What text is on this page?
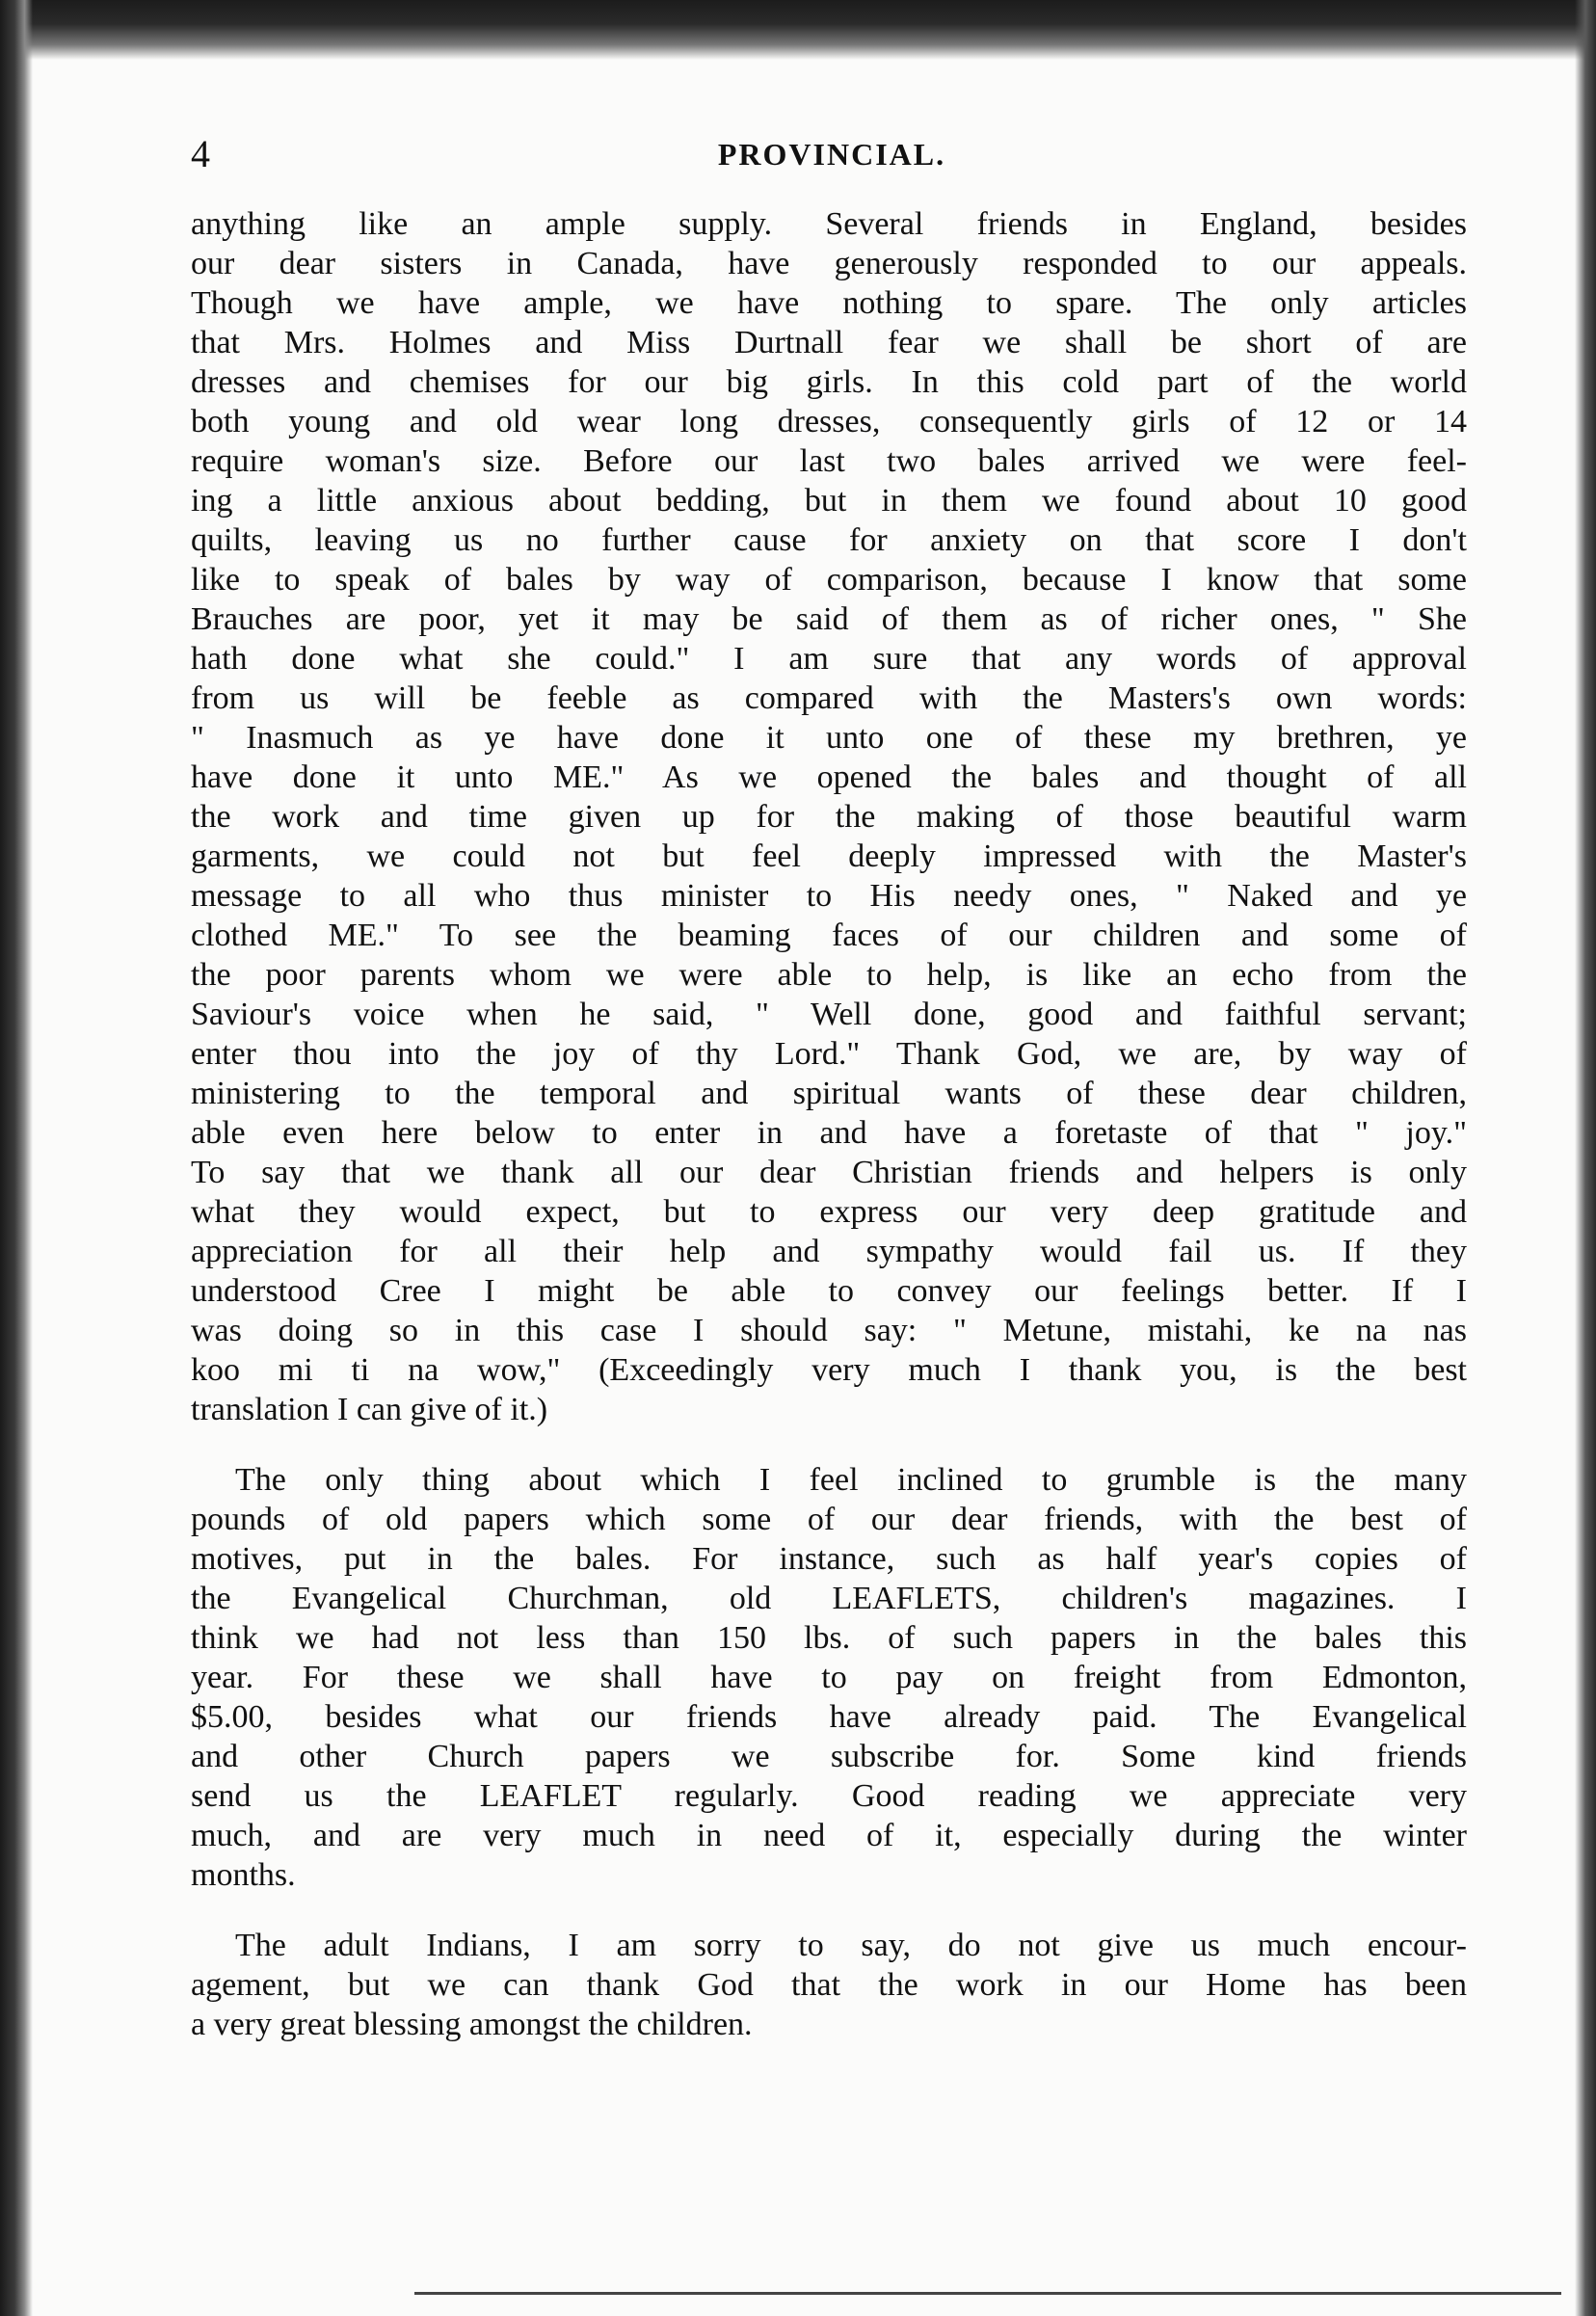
4	PROVINCIAL.
anything like an ample supply. Several friends in England, besides
our dear sisters in Canada, have generously responded to our appeals.
Though we have ample, we have nothing to spare. The only articles
that Mrs. Holmes and Miss Durtnall fear we shall be short of are
dresses and chemises for our big girls. In this cold part of the world
both young and old wear long dresses, consequently girls of 12 or 14
require woman's size. Before our last two bales arrived we were feel-
ing a little anxious about bedding, but in them we found about 10 good
quilts, leaving us no further cause for anxiety on that score I don't
like to speak of bales by way of comparison, because I know that some
Brauches are poor, yet it may be said of them as of richer ones, " She
hath done what she could." I am sure that any words of approval
from us will be feeble as compared with the Masters's own words:
" Inasmuch as ye have done it unto one of these my brethren, ye
have done it unto ME." As we opened the bales and thought of all
the work and time given up for the making of those beautiful warm
garments, we could not but feel deeply impressed with the Master's
message to all who thus minister to His needy ones, " Naked and ye
clothed ME." To see the beaming faces of our children and some of
the poor parents whom we were able to help, is like an echo from the
Saviour's voice when he said, " Well done, good and faithful servant;
enter thou into the joy of thy Lord." Thank God, we are, by way of
ministering to the temporal and spiritual wants of these dear children,
able even here below to enter in and have a foretaste of that " joy."
To say that we thank all our dear Christian friends and helpers is only
what they would expect, but to express our very deep gratitude and
appreciation for all their help and sympathy would fail us. If they
understood Cree I might be able to convey our feelings better. If I
was doing so in this case I should say: " Metune, mistahi, ke na nas
koo mi ti na wow," (Exceedingly very much I thank you, is the best
translation I can give of it.)
The only thing about which I feel inclined to grumble is the many
pounds of old papers which some of our dear friends, with the best of
motives, put in the bales. For instance, such as half year's copies of
the Evangelical Churchman, old LEAFLETS, children's magazines. I
think we had not less than 150 lbs. of such papers in the bales this
year. For these we shall have to pay on freight from Edmonton,
$5.00, besides what our friends have already paid. The Evangelical
and other Church papers we subscribe for. Some kind friends
send us the LEAFLET regularly. Good reading we appreciate very
much, and are very much in need of it, especially during the winter
months.
The adult Indians, I am sorry to say, do not give us much encour-
agement, but we can thank God that the work in our Home has been
a very great blessing amongst the children.
